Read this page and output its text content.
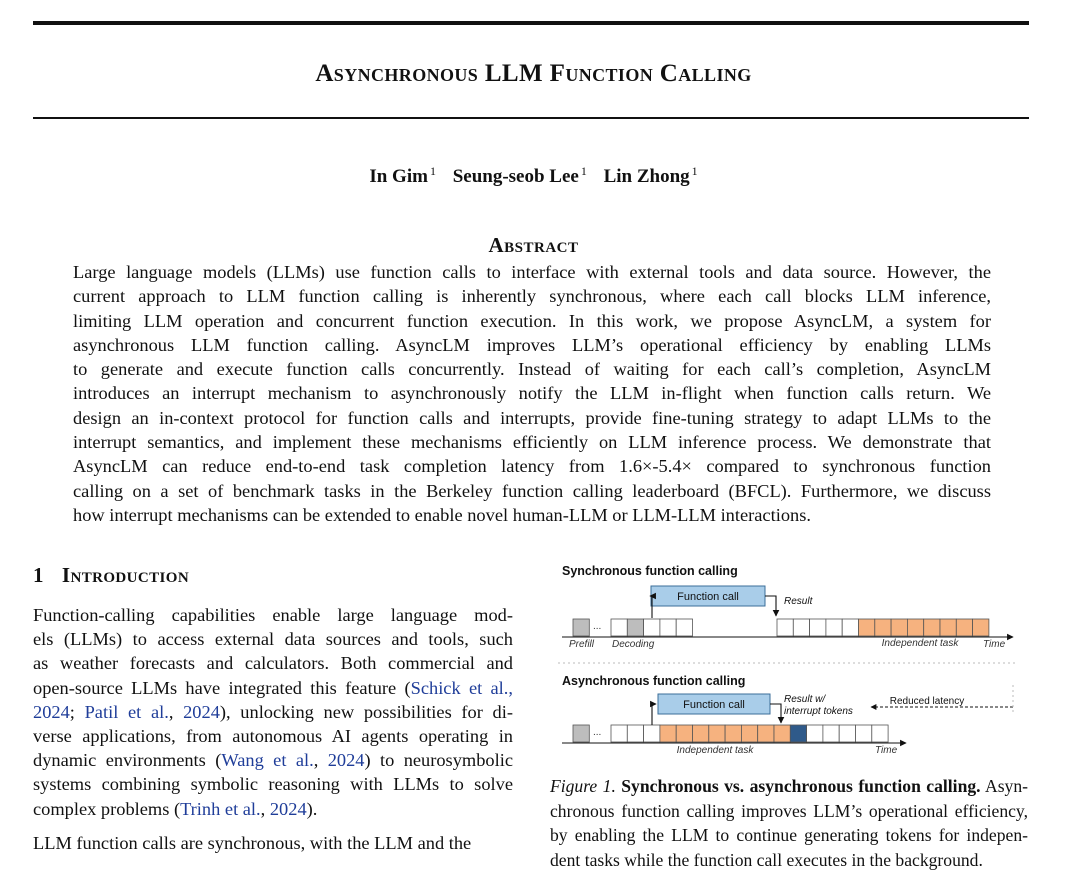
Asynchronous LLM Function Calling
In Gim $^1$ Seung-seob Lee $^1$ Lin Zhong $^1$
Abstract
Large language models (LLMs) use function calls to interface with external tools and data source. However, the
current approach to LLM function calling is inherently synchronous, where each call blocks LLM inference,
limiting LLM operation and concurrent function execution. In this work, we propose AsyncLM, a system for
asynchronous LLM function calling. AsyncLM improves LLM’s operational efficiency by enabling LLMs
to generate and execute function calls concurrently. Instead of waiting for each call’s completion, AsyncLM
introduces an interrupt mechanism to asynchronously notify the LLM in-flight when function calls return. We
design an in-context protocol for function calls and interrupts, provide fine-tuning strategy to adapt LLMs to the
interrupt semantics, and implement these mechanisms efficiently on LLM inference process. We demonstrate that
AsyncLM can reduce end-to-end task completion latency from 1.6×-5.4× compared to synchronous function
calling on a set of benchmark tasks in the Berkeley function calling leaderboard (BFCL). Furthermore, we discuss
how interrupt mechanisms can be extended to enable novel human-LLM or LLM-LLM interactions.
1 Introduction
Function-calling capabilities enable large language mod-
els (LLMs) to access external data sources and tools, such
as weather forecasts and calculators. Both commercial and
open-source LLMs have integrated this feature (Schick et al.,
2024; Patil et al., 2024), unlocking new possibilities for di-
verse applications, from autonomous AI agents operating in
dynamic environments (Wang et al., 2024) to neurosymbolic
systems combining symbolic reasoning with LLMs to solve
complex problems (Trinh et al., 2024).
LLM function calls are synchronous, with the LLM and the
...
...
Synchronous function calling
Function call	Result
Prefill Decoding	Independent task Time
Asynchronous function calling
Function call	Result w/
interrupt tokens
Reduced latency
Independent task	Time
Figure 1. Synchronous vs. asynchronous function calling. Asyn-
chronous function calling improves LLM’s operational efficiency,
by enabling the LLM to continue generating tokens for indepen-
dent tasks while the function call executes in the background.
